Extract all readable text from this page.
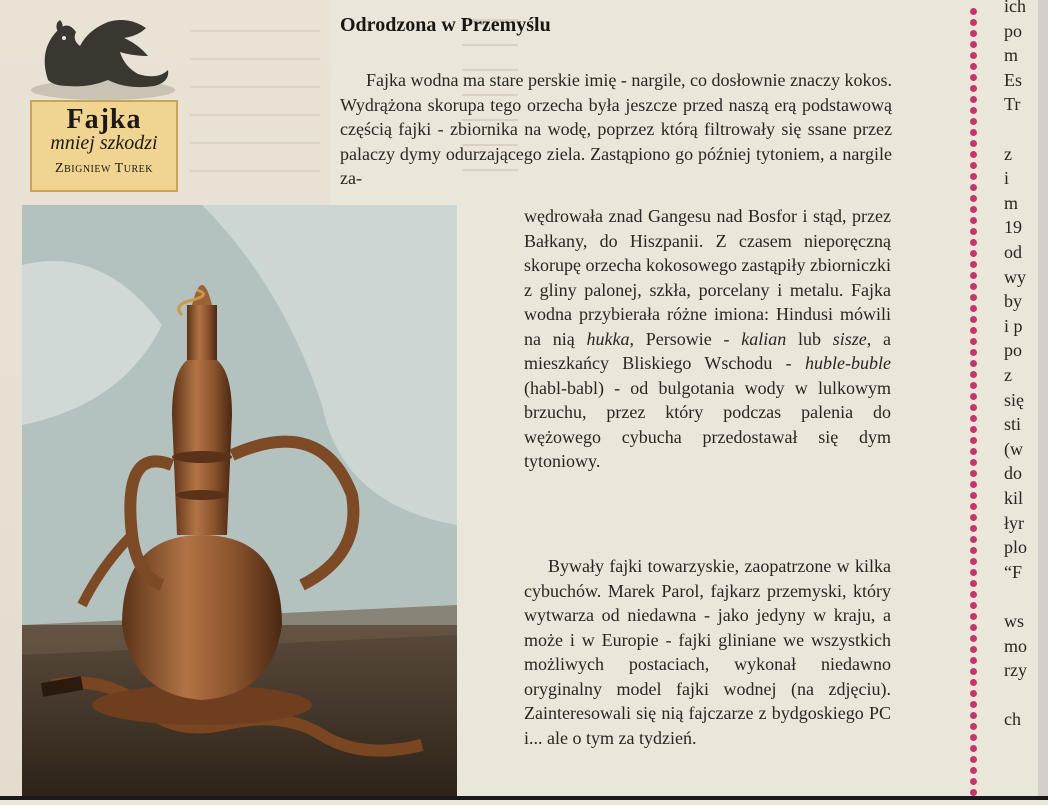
Fajka
mniej szkodzi
Zbigniew Turek
Odrodzona w Przemyślu
Fajka wodna ma stare perskie imię - nargile, co dosłownie znaczy kokos. Wydrążona skorupa tego orzecha była jeszcze przed naszą erą podstawową częścią fajki - zbiornika na wodę, poprzez którą filtrowały się ssane przez palaczy dymy odurzającego ziela. Zastąpiono go później tytoniem, a nargile za-
wędrowała znad Gangesu nad Bosfor i stąd, przez Bałkany, do Hiszpanii. Z czasem nieporęczną skorupę orzecha kokosowego zastąpiły zbiorniczki z gliny palonej, szkła, porcelany i metalu. Fajka wodna przybierała różne imiona: Hindusi mówili na nią hukka, Persowie - kalian lub sisze, a mieszkańcy Bliskiego Wschodu - huble-buble (habl-babl) - od bulgotania wody w lulkowym brzuchu, przez który podczas palenia do wężowego cybucha przedostawał się dym tytoniowy.
Bywały fajki towarzyskie, zaopatrzone w kilka cybuchów. Marek Parol, fajkarz przemyski, który wytwarza od niedawna - jako jedyny w kraju, a może i w Europie - fajki gliniane we wszystkich możliwych postaciach, wykonał niedawno oryginalny model fajki wodnej (na zdjęciu). Zainteresowali się nią fajczarze z bydgoskiego PC i... ale o tym za tydzień.
ich
po
m
Es
Tr
z
i
m
19
od
wy
by
i p
po
z
się
sti
(w
do
kil
łyr
plo
“F
ws
mo
rzy
ch
